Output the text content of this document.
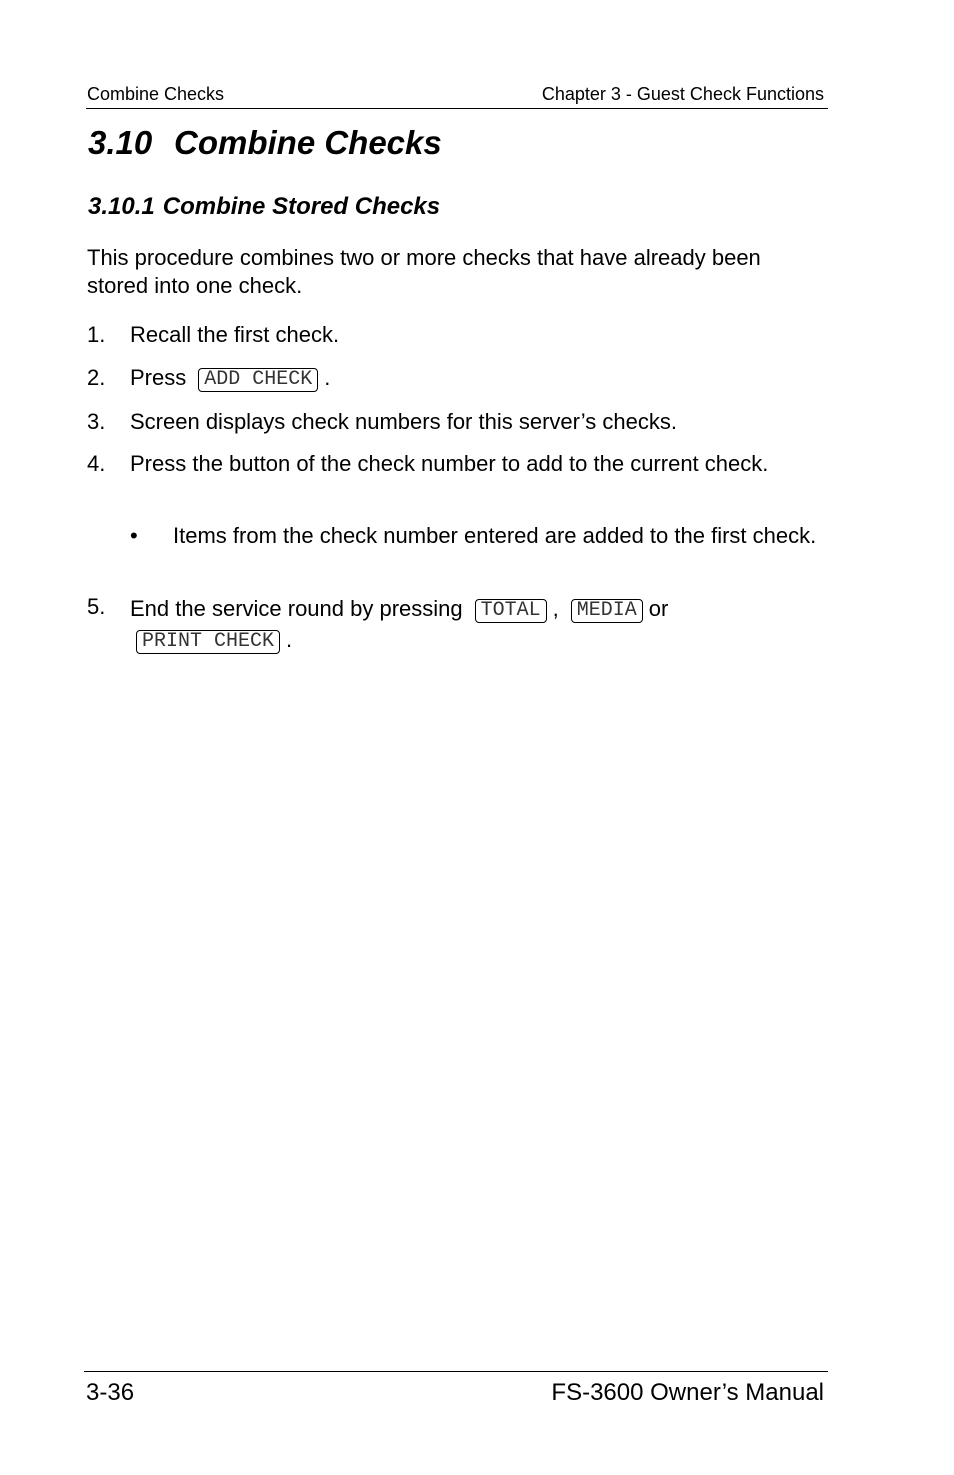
Combine Checks	Chapter 3 - Guest Check Functions
3.10 Combine Checks
3.10.1 Combine Stored Checks

This procedure combines two or more checks that have already been stored into one check.

1. Recall the first check.
2. Press ADD CHECK .
3. Screen displays check numbers for this server’s checks.
4. Press the button of the check number to add to the current check.
• Items from the check number entered are added to the first check.
5. End the service round by pressing TOTAL , MEDIA or
PRINT CHECK .
3-36	FS-3600 Owner’s Manual
